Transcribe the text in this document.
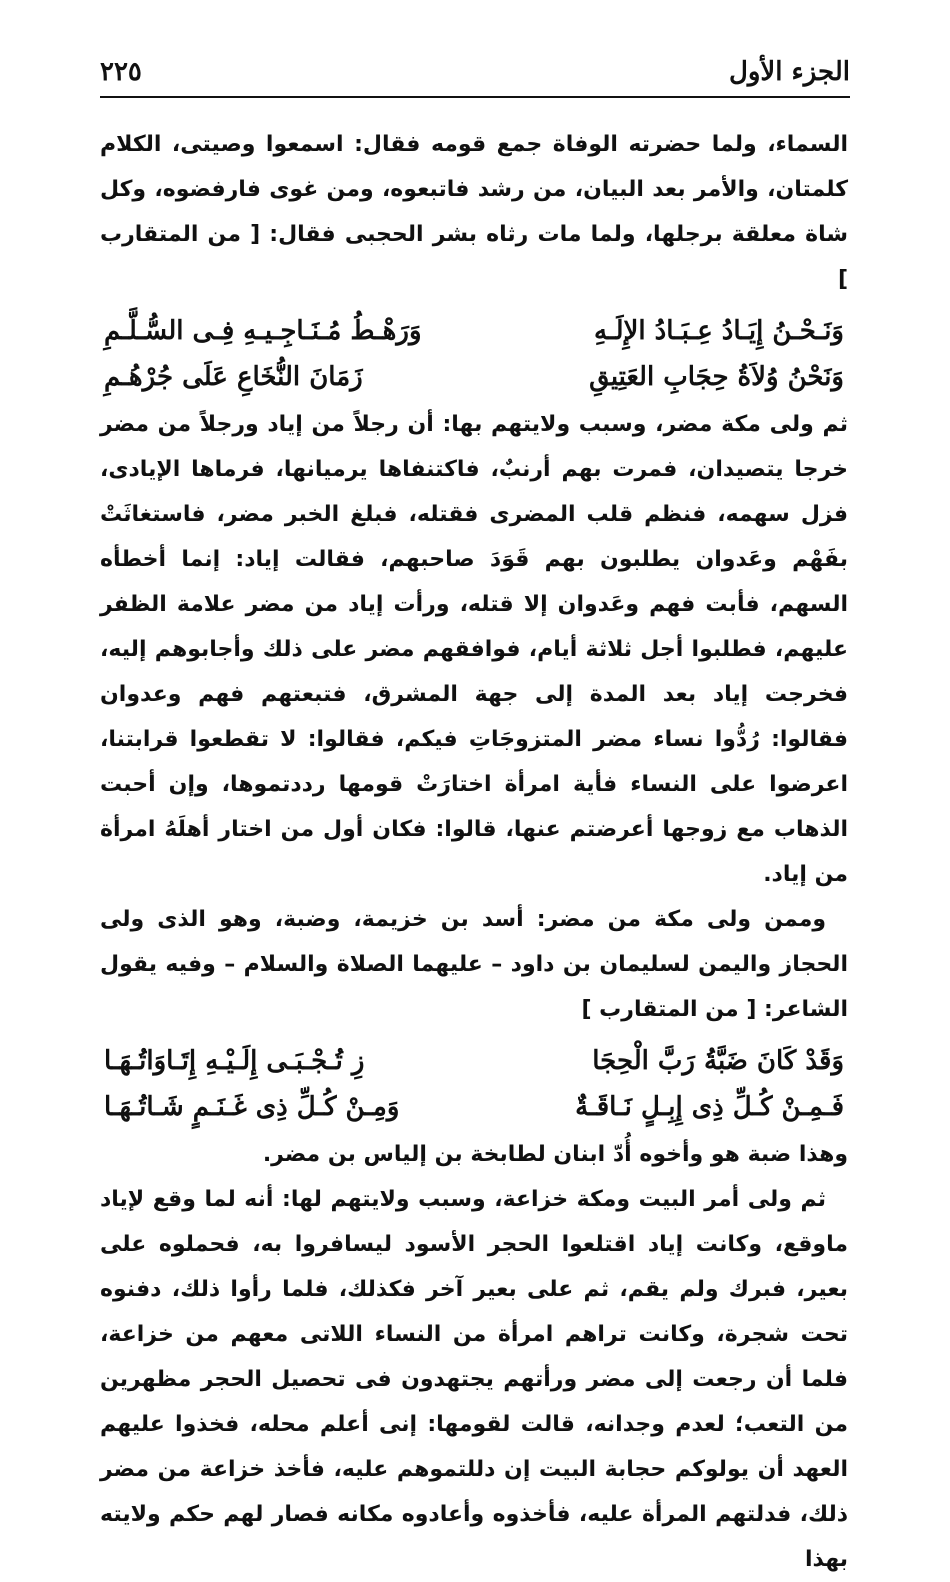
الجزء الأول
٢٢٥

السماء، ولما حضرته الوفاة جمع قومه فقال: اسمعوا وصيتى، الكلام كلمتان، والأمر بعد البيان، من رشد فاتبعوه، ومن غوى فارفضوه، وكل شاة معلقة برجلها، ولما مات رثاه بشر الحجبى فقال: [ من المتقارب ]

وَنَـحْـنُ إِيَـادُ عِـبَـادُ الإِلَـهِ
وَرَهْـطُ مُـنَـاجِـيـهِ فِـى السُّـلَّـمِ
وَنَحْنُ وُلاَةُ حِجَابِ العَتِيقِ
زَمَانَ النُّخَاعِ عَلَى جُرْهُـمِ

ثم ولى مكة مضر، وسبب ولايتهم بها: أن رجلاً من إياد ورجلاً من مضر خرجا يتصيدان، فمرت بهم أرنبٌ، فاكتنفاها يرميانها، فرماها الإيادى، فزل سهمه، فنظم قلب المضرى فقتله، فبلغ الخبر مضر، فاستغاثَتْ بفَهْم وعَدوان يطلبون بهم قَوَدَ صاحبهم، فقالت إياد: إنما أخطأه السهم، فأبت فهم وعَدوان إلا قتله، ورأت إياد من مضر علامة الظفر عليهم، فطلبوا أجل ثلاثة أيام، فوافقهم مضر على ذلك وأجابوهم إليه، فخرجت إياد بعد المدة إلى جهة المشرق، فتبعتهم فهم وعدوان فقالوا: رُدُّوا نساء مضر المتزوجَاتِ فيكم، فقالوا: لا تقطعوا قرابتنا، اعرضوا على النساء فأية امرأة اختارَتْ قومها رددتموها، وإن أحبت الذهاب مع زوجها أعرضتم عنها، قالوا: فكان أول من اختار أهلَهُ امرأة من إياد.

وممن ولى مكة من مضر: أسد بن خزيمة، وضبة، وهو الذى ولى الحجاز واليمن لسليمان بن داود – عليهما الصلاة والسلام – وفيه يقول الشاعر: [ من المتقارب ]

وَقَدْ كَانَ ضَبَّةُ رَبَّ الْحِجَا
زِ تُـجْـبَـى إِلَـيْـهِ إِتَـاوَاتُـهَـا
فَـمِـنْ كُـلِّ ذِى إِبِـلٍ نَـاقَـةٌ
وَمِـنْ كُـلِّ ذِى غَـنَـمٍ شَـاتُـهَـا

وهذا ضبة هو وأخوه أُدّ ابنان لطابخة بن إلياس بن مضر.

ثم ولى أمر البيت ومكة خزاعة، وسبب ولايتهم لها: أنه لما وقع لإياد ماوقع، وكانت إياد اقتلعوا الحجر الأسود ليسافروا به، فحملوه على بعير، فبرك ولم يقم، ثم على بعير آخر فكذلك، فلما رأوا ذلك، دفنوه تحت شجرة، وكانت تراهم امرأة من النساء اللاتى معهم من خزاعة، فلما أن رجعت إلى مضر ورأتهم يجتهدون فى تحصيل الحجر مظهرين من التعب؛ لعدم وجدانه، قالت لقومها: إنى أعلم محله، فخذوا عليهم العهد أن يولوكم حجابة البيت إن دللتموهم عليه، فأخذ خزاعة من مضر ذلك، فدلتهم المرأة عليه، فأخذوه وأعادوه مكانه فصار لهم حكم ولايته بهذا
